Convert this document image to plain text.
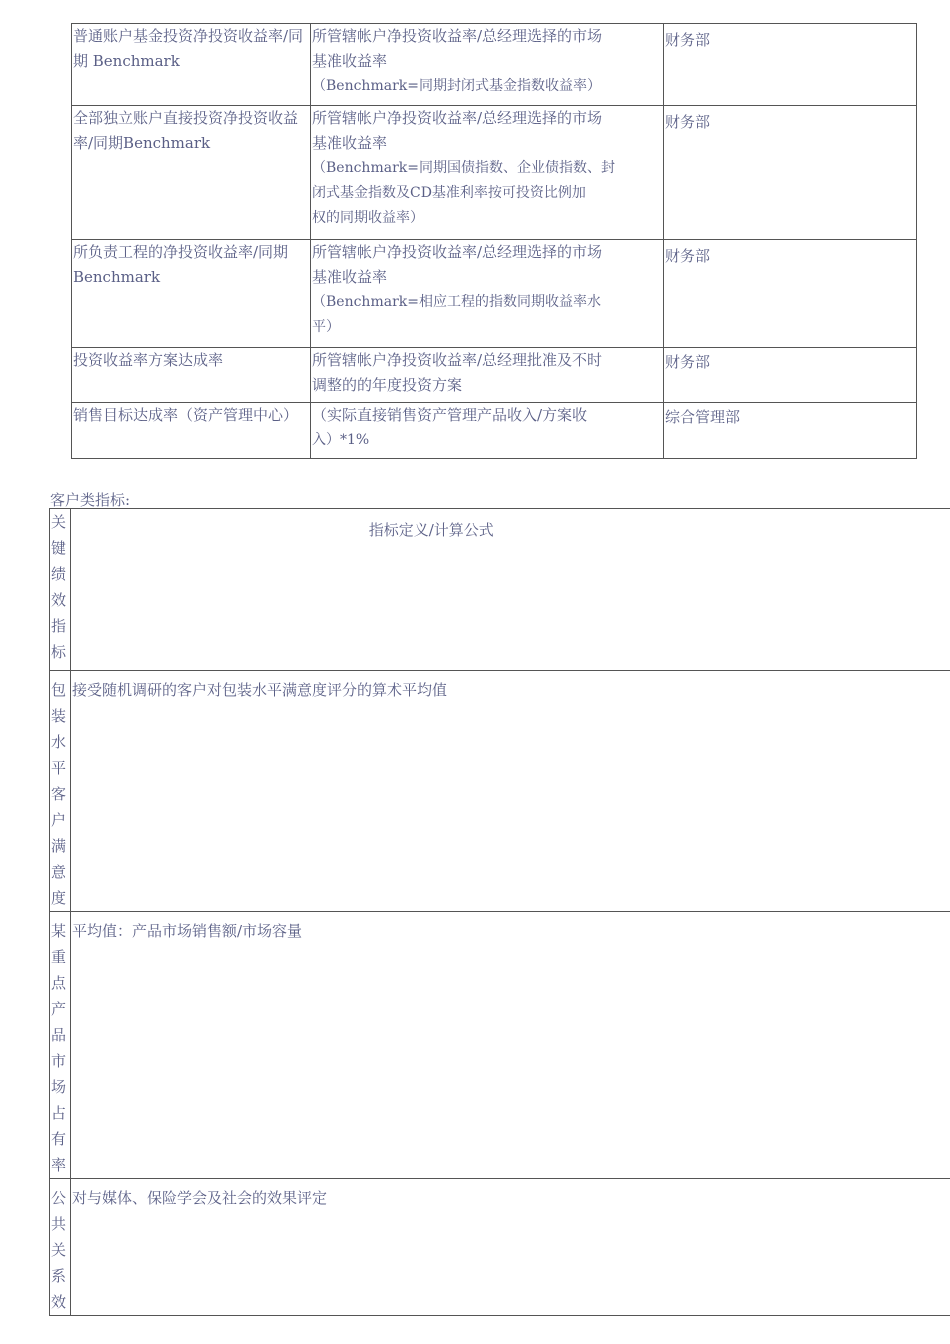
普通账户基金投资净投资收益率/同期 Benchmark	所管辖帐户净投资收益率/总经理选择的市场
基准收益率
（Benchmark=同期封闭式基金指数收益率）	财务部
全部独立账户直接投资净投资收益率/同期Benchmark	所管辖帐户净投资收益率/总经理选择的市场
基准收益率
（Benchmark=同期国债指数、企业债指数、封
闭式基金指数及CD基准利率按可投资比例加
权的同期收益率）	财务部
所负责工程的净投资收益率/同期 Benchmark	所管辖帐户净投资收益率/总经理选择的市场
基准收益率
（Benchmark=相应工程的指数同期收益率水
平）	财务部
投资收益率方案达成率	所管辖帐户净投资收益率/总经理批准及不时
调整的的年度投资方案	财务部
销售目标达成率（资产管理中心）	（实际直接销售资产管理产品收入/方案收
入）*1%	综合管理部
客户类指标:
关键绩效指标	指标定义/计算公式

包装水平客户满意度	接受随机调研的客户对包装水平满意度评分的算术平均值

某重点产品市场占有率	平均值：产品市场销售额/市场容量

公共关系效	对与媒体、保险学会及社会的效果评定
